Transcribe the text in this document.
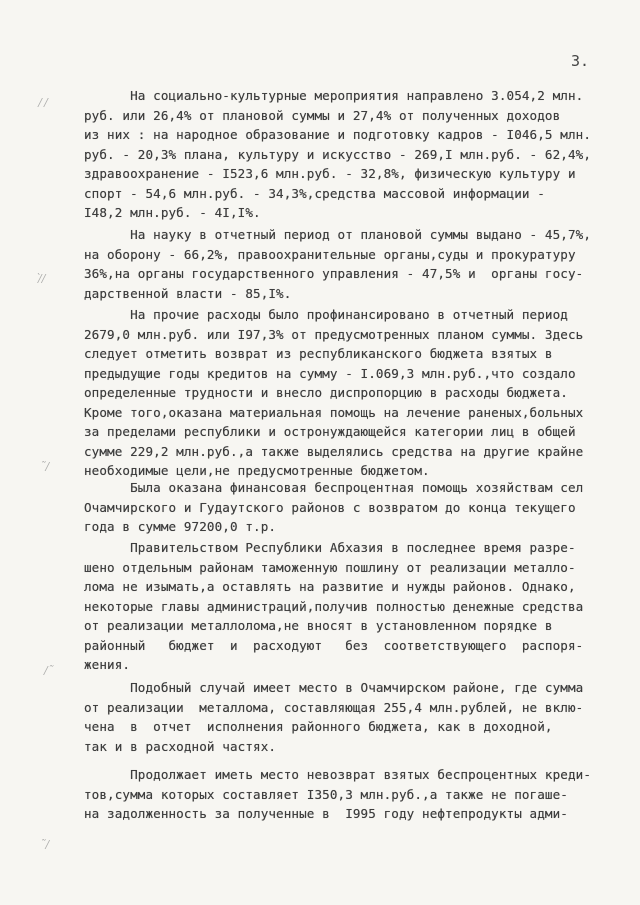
3.
На социально-культурные мероприятия направлено 3.054,2 млн.
руб. или 26,4% от плановой суммы и 27,4% от полученных доходов
из них : на народное образование и подготовку кадров - I046,5 млн.
руб. - 20,3% плана, культуру и искусство - 269,I млн.руб. - 62,4%,
здравоохранение - I523,6 млн.руб. - 32,8%, физическую культуру и
спорт - 54,6 млн.руб. - 34,3%,средства массовой информации -
I48,2 млн.руб. - 4I,I%.
На науку в отчетный период от плановой суммы выдано - 45,7%,
на оборону - 66,2%, правоохранительные органы,суды и прокуратуру
36%,на органы государственного управления - 47,5% и  органы госу-
дарственной власти - 85,I%.
На прочие расходы было профинансировано в отчетный период
2679,0 млн.руб. или I97,3% от предусмотренных планом суммы. Здесь
следует отметить возврат из республиканского бюджета взятых в
предыдущие годы кредитов на сумму - I.069,3 млн.руб.,что создало
определенные трудности и внесло диспропорцию в расходы бюджета.
Кроме того,оказана материальная помощь на лечение раненых,больных
за пределами республики и остронуждающейся категории лиц в общей
сумме 229,2 млн.руб.,а также выделялись средства на другие крайне
необходимые цели,не предусмотренные бюджетом.
Была оказана финансовая беспроцентная помощь хозяйствам сел
Очамчирского и Гудаутского районов с возвратом до конца текущего
года в сумме 97200,0 т.р.
Правительством Республики Абхазия в последнее время разре-
шено отдельным районам таможенную пошлину от реализации металло-
лома не изымать,а оставлять на развитие и нужды районов. Однако,
некоторые главы администраций,получив полностью денежные средства
от реализации металлолома,не вносят в установленном порядке в
районный   бюджет  и  расходуют   без  соответствующего  распоря-
жения.
Подобный случай имеет место в Очамчирском районе, где сумма
от реализации  металлома, составляющая 255,4 млн.рублей, не вклю-
чена  в  отчет  исполнения районного бюджета, как в доходной,
так и в расходной частях.
Продолжает иметь место невозврат взятых беспроцентных креди-
тов,сумма которых составляет I350,3 млн.руб.,а также не погаше-
на задолженность за полученные в  I995 году нефтепродукты адми-
 ∕ ∕
∕̀∕
˜∕
∕˜
˜∕
